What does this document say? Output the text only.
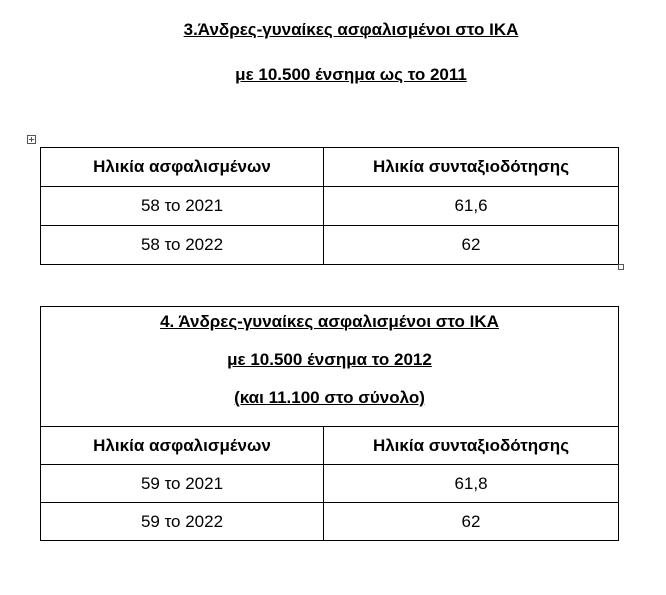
3.Άνδρες-γυναίκες ασφαλισμένοι στο ΙΚΑ
με 10.500 ένσημα ως το 2011
Ηλικία ασφαλισμένων	Ηλικία συνταξιοδότησης
58 το 2021	61,6
58 το 2022	62
4. Άνδρες-γυναίκες ασφαλισμένοι στο ΙΚΑ
με 10.500 ένσημα το 2012
(και 11.100 στο σύνολο)	

Ηλικία ασφαλισμένων	Ηλικία συνταξιοδότησης
59 το 2021	61,8
59 το 2022	62
